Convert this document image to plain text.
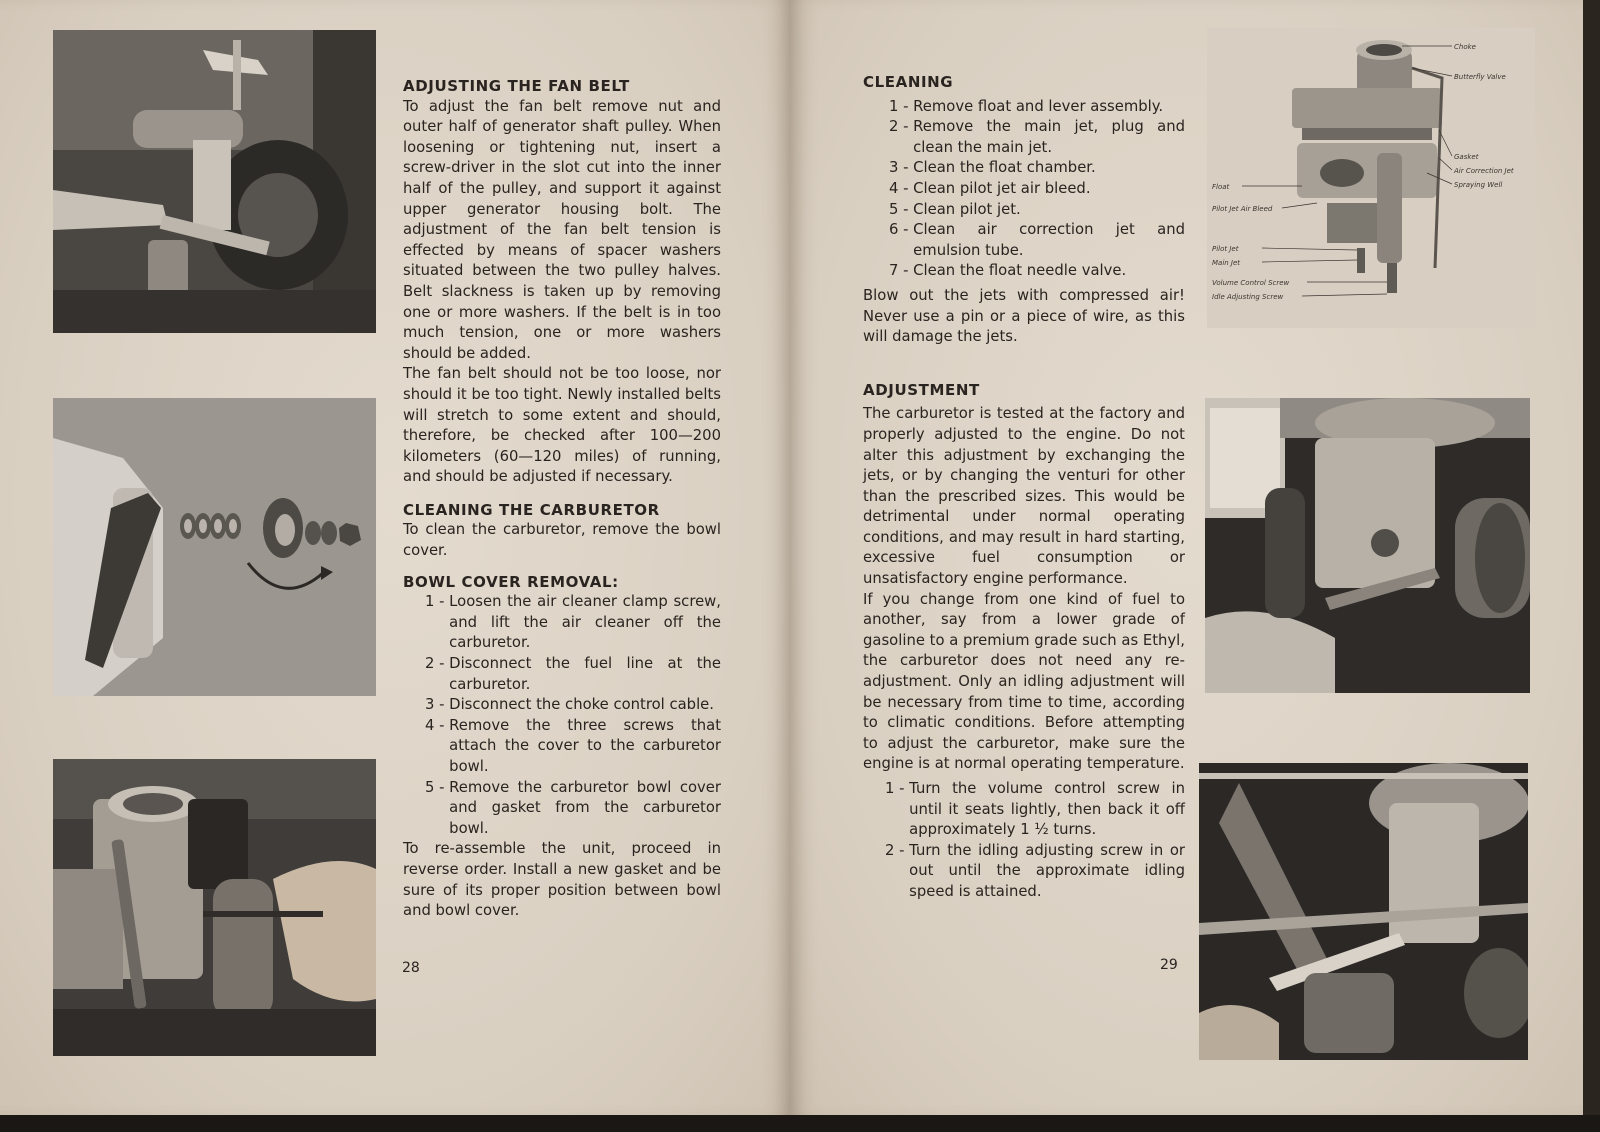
ADJUSTING THE FAN BELT

To adjust the fan belt remove nut and outer half of generator shaft pulley. When loosening or tightening nut, insert a screw-driver in the slot cut into the inner half of the pulley, and support it against upper generator housing bolt. The adjustment of the fan belt tension is effected by means of spacer washers situated between the two pulley halves. Belt slackness is taken up by removing one or more washers. If the belt is in too much tension, one or more washers should be added.

The fan belt should not be too loose, nor should it be too tight. Newly installed belts will stretch to some extent and should, therefore, be checked after 100—200 kilometers (60—120 miles) of running, and should be adjusted if necessary.

CLEANING THE CARBURETOR

To clean the carburetor, remove the bowl cover.

BOWL COVER REMOVAL:
1 - Loosen the air cleaner clamp screw, and lift the air cleaner off the carburetor.
2 - Disconnect the fuel line at the carburetor.
3 - Disconnect the choke control cable.
4 - Remove the three screws that attach the cover to the carburetor bowl.
5 - Remove the carburetor bowl cover and gasket from the carburetor bowl.

To re-assemble the unit, proceed in reverse order. Install a new gasket and be sure of its proper position between bowl and bowl cover.

28
CLEANING
1 - Remove float and lever assembly.
2 - Remove the main jet, plug and clean the main jet.
3 - Clean the float chamber.
4 - Clean pilot jet air bleed.
5 - Clean pilot jet.
6 - Clean air correction jet and emulsion tube.
7 - Clean the float needle valve.

Blow out the jets with compressed air! Never use a pin or a piece of wire, as this will damage the jets.

ADJUSTMENT

The carburetor is tested at the factory and properly adjusted to the engine. Do not alter this adjustment by exchanging the jets, or by changing the venturi for other than the prescribed sizes. This would be detrimental under normal operating conditions, and may result in hard starting, excessive fuel consumption or unsatisfactory engine performance.

If you change from one kind of fuel to another, say from a lower grade of gasoline to a premium grade such as Ethyl, the carburetor does not need any re-adjustment. Only an idling adjustment will be necessary from time to time, according to climatic conditions. Before attempting to adjust the carburetor, make sure the engine is at normal operating temperature.

1 - Turn the volume control screw in until it seats lightly, then back it off approximately 1 ½ turns.
2 - Turn the idling adjusting screw in or out until the approximate idling speed is attained.
29
Choke
Butterfly Valve
Gasket
Air Correction Jet
Spraying Well
Float
Pilot Jet Air Bleed
Pilot Jet
Main Jet
Volume Control Screw
Idle Adjusting Screw
